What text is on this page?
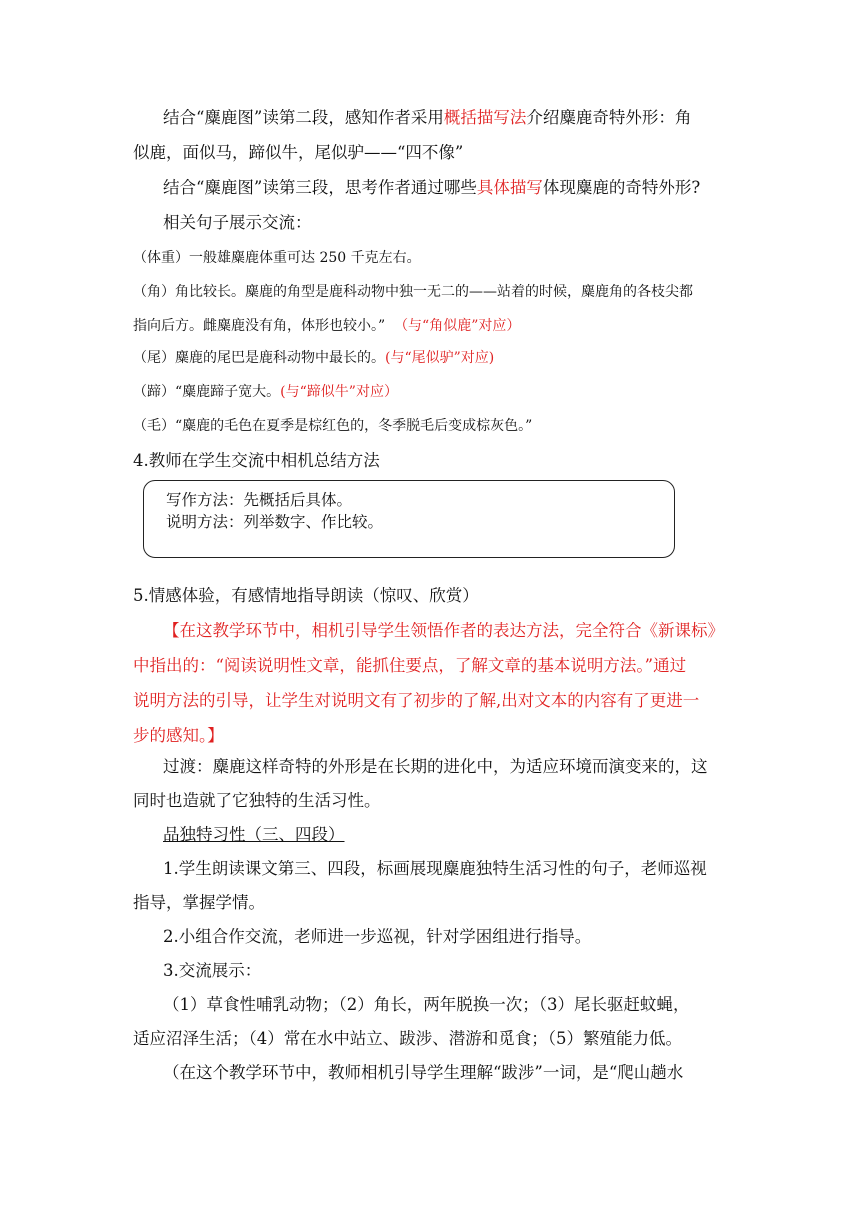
结合“麋鹿图”读第二段，感知作者采用概括描写法介绍麋鹿奇特外形：角

似鹿，面似马，蹄似牛，尾似驴——“四不像”

结合“麋鹿图”读第三段，思考作者通过哪些具体描写体现麋鹿的奇特外形?

相关句子展示交流：

（体重）一般雄麋鹿体重可达 250 千克左右。

（角）角比较长。麋鹿的角型是鹿科动物中独一无二的——站着的时候，麋鹿角的各枝尖都

指向后方。雌麋鹿没有角，体形也较小。” （与“角似鹿”对应）

（尾）麋鹿的尾巴是鹿科动物中最长的。(与“尾似驴”对应)

（蹄）“麋鹿蹄子宽大。(与“蹄似牛”对应）

（毛）“麋鹿的毛色在夏季是棕红色的，冬季脱毛后变成棕灰色。”

4.教师在学生交流中相机总结方法

写作方法：先概括后具体。
说明方法：列举数字、作比较。

5.情感体验，有感情地指导朗读（惊叹、欣赏）

【在这教学环节中，相机引导学生领悟作者的表达方法，完全符合《新课标》

中指出的：“阅读说明性文章，能抓住要点，了解文章的基本说明方法。”通过

说明方法的引导，让学生对说明文有了初步的了解,出对文本的内容有了更进一

步的感知。】

过渡：麋鹿这样奇特的外形是在长期的进化中，为适应环境而演变来的，这

同时也造就了它独特的生活习性。

品独特习性（三、四段）

1.学生朗读课文第三、四段，标画展现麋鹿独特生活习性的句子，老师巡视

指导，掌握学情。

2.小组合作交流，老师进一步巡视，针对学困组进行指导。

3.交流展示：

（1）草食性哺乳动物；（2）角长，两年脱换一次；（3）尾长驱赶蚊蝇，

适应沼泽生活；（4）常在水中站立、跋涉、潜游和觅食；（5）繁殖能力低。

（在这个教学环节中，教师相机引导学生理解“跋涉”一词，是“爬山趟水
